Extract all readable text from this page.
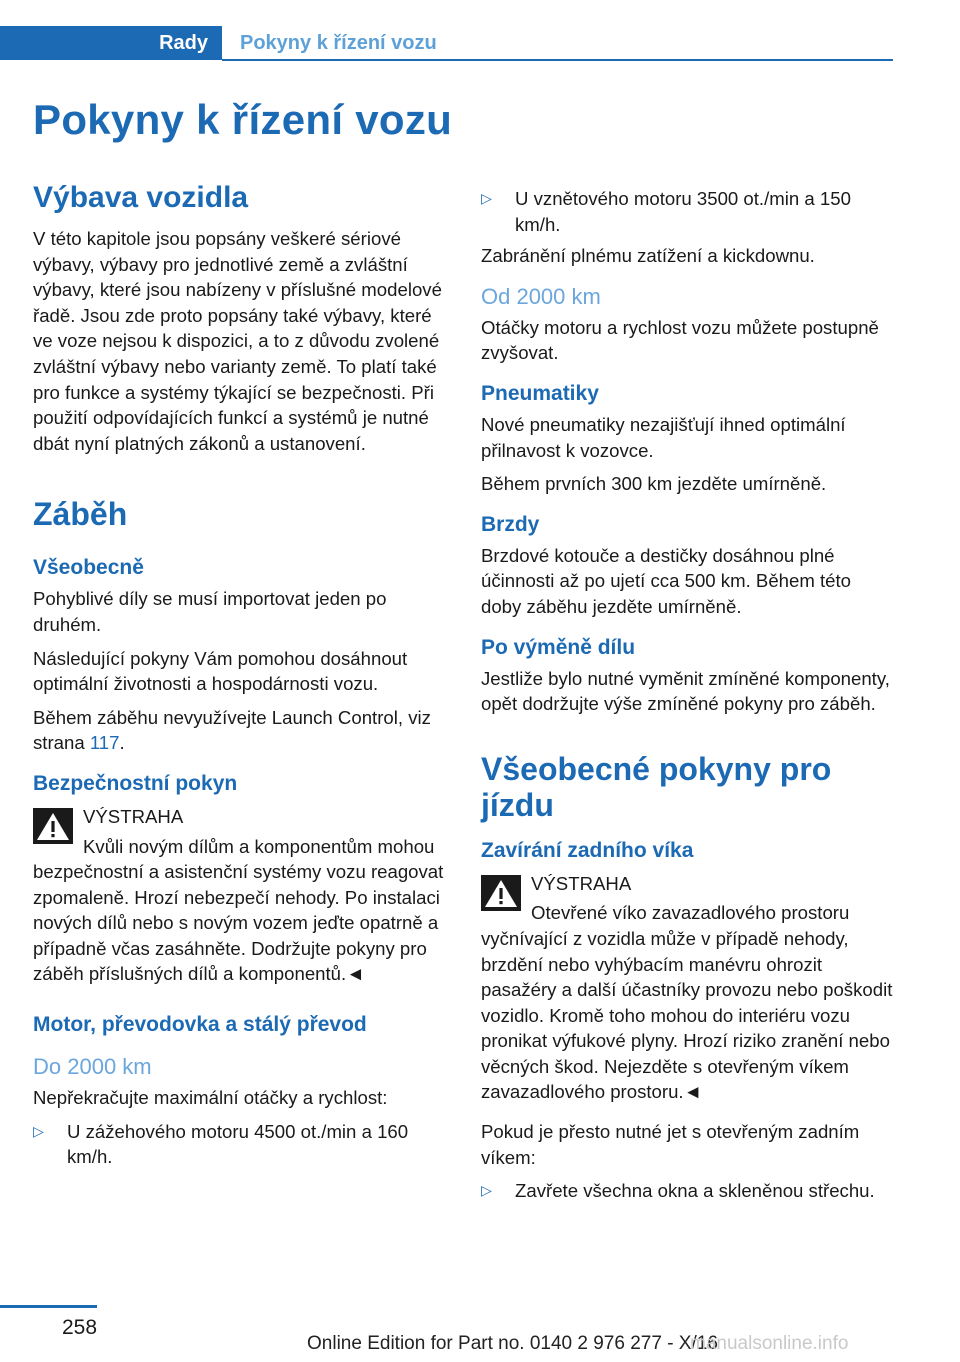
Rady	Pokyny k řízení vozu
Pokyny k řízení vozu
Výbava vozidla

V této kapitole jsou popsány veškeré sériové výbavy, výbavy pro jednotlivé země a zvláštní výbavy, které jsou nabízeny v příslušné modelové řadě. Jsou zde proto popsány také výbavy, které ve voze nejsou k dispozici, a to z důvodu zvolené zvláštní výbavy nebo varianty země. To platí také pro funkce a systémy týkající se bezpečnosti. Při použití odpovídajících funkcí a systémů je nutné dbát nyní platných zákonů a ustanovení.

Záběh
Všeobecně

Pohyblivé díly se musí importovat jeden po druhém.

Následující pokyny Vám pomohou dosáhnout optimální životnosti a hospodárnosti vozu.

Během záběhu nevyužívejte Launch Control, viz strana 117.

Bezpečnostní pokyn
VÝSTRAHA
Kvůli novým dílům a komponentům mohou bezpečnostní a asistenční systémy vozu reagovat zpomaleně. Hrozí nebezpečí nehody. Po instalaci nových dílů nebo s novým vozem jeďte opatrně a případně včas zasáhněte. Dodržujte pokyny pro záběh příslušných dílů a komponentů.◄
Motor, převodovka a stálý převod
Do 2000 km

Nepřekračujte maximální otáčky a rychlost:

▷ U zážehového motoru 4500 ot./min a 160 km/h.
▷ U vznětového motoru 3500 ot./min a 150 km/h.

Zabránění plnému zatížení a kickdownu.

Od 2000 km

Otáčky motoru a rychlost vozu můžete postupně zvyšovat.

Pneumatiky

Nové pneumatiky nezajišťují ihned optimální přilnavost k vozovce.

Během prvních 300 km jezděte umírněně.

Brzdy

Brzdové kotouče a destičky dosáhnou plné účinnosti až po ujetí cca 500 km. Během této doby záběhu jezděte umírněně.

Po výměně dílu

Jestliže bylo nutné vyměnit zmíněné komponenty, opět dodržujte výše zmíněné pokyny pro záběh.

Všeobecné pokyny pro jízdu
Zavírání zadního víka
VÝSTRAHA
Otevřené víko zavazadlového prostoru vyčnívající z vozidla může v případě nehody, brzdění nebo vyhýbacím manévru ohrozit pasažéry a další účastníky provozu nebo poškodit vozidlo. Kromě toho mohou do interiéru vozu pronikat výfukové plyny. Hrozí riziko zranění nebo věcných škod. Nejezděte s otevřeným víkem zavazadlového prostoru.◄

Pokud je přesto nutné jet s otevřeným zadním víkem:

▷ Zavřete všechna okna a skleněnou střechu.
258
Online Edition for Part no. 0140 2 976 277 - X/16
manualsonline.info
